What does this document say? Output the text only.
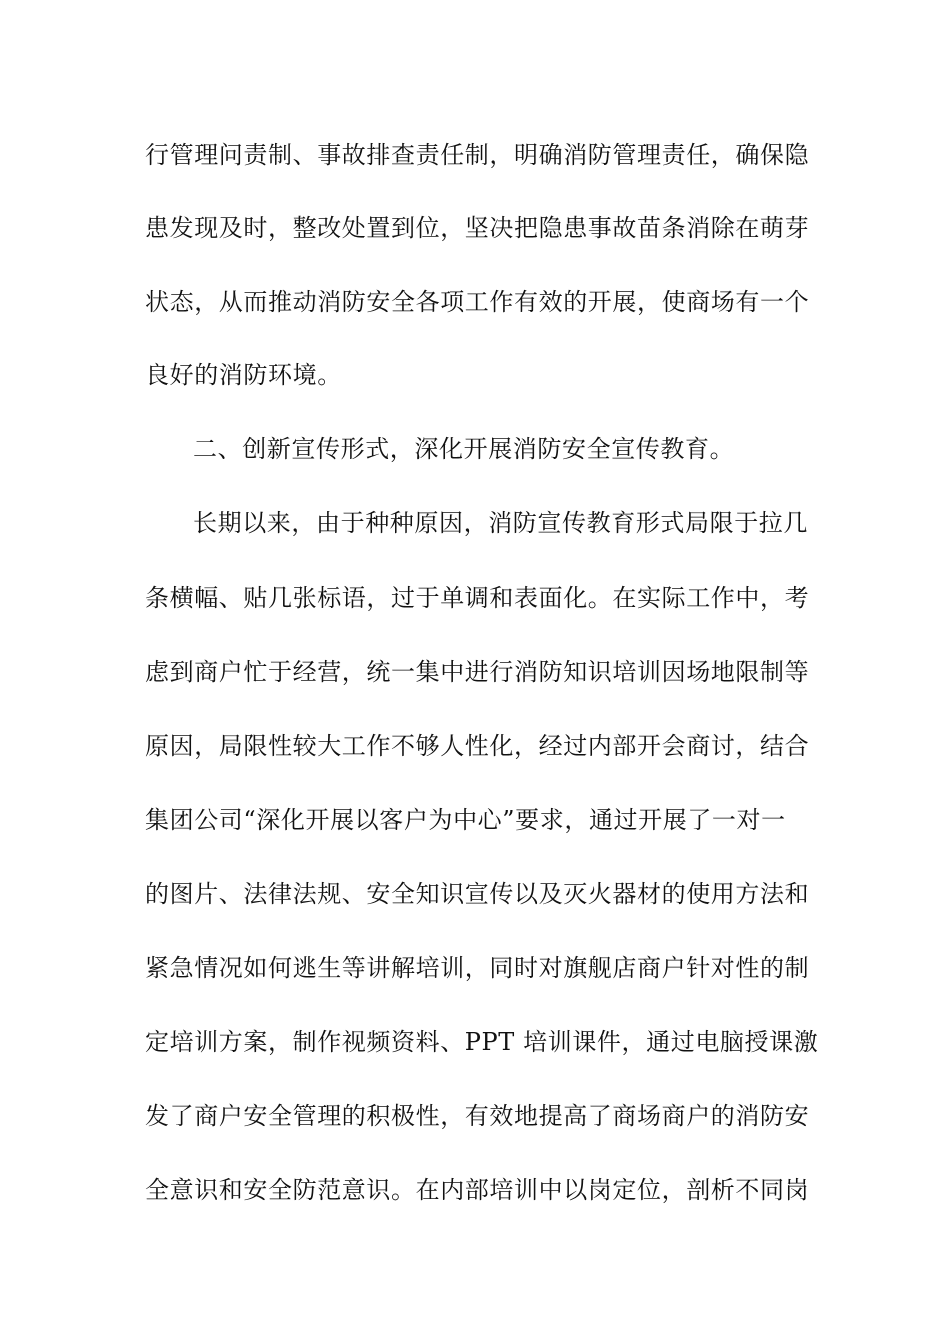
行管理问责制、事故排查责任制，明确消防管理责任，确保隐
患发现及时，整改处置到位，坚决把隐患事故苗条消除在萌芽
状态，从而推动消防安全各项工作有效的开展，使商场有一个
良好的消防环境。
二、创新宣传形式，深化开展消防安全宣传教育。
长期以来，由于种种原因，消防宣传教育形式局限于拉几
条横幅、贴几张标语，过于单调和表面化。在实际工作中，考
虑到商户忙于经营，统一集中进行消防知识培训因场地限制等
原因，局限性较大工作不够人性化，经过内部开会商讨，结合
集团公司“深化开展以客户为中心”要求，通过开展了一对一
的图片、法律法规、安全知识宣传以及灭火器材的使用方法和
紧急情况如何逃生等讲解培训，同时对旗舰店商户针对性的制
定培训方案，制作视频资料、PPT 培训课件，通过电脑授课激
发了商户安全管理的积极性，有效地提高了商场商户的消防安
全意识和安全防范意识。在内部培训中以岗定位，剖析不同岗
